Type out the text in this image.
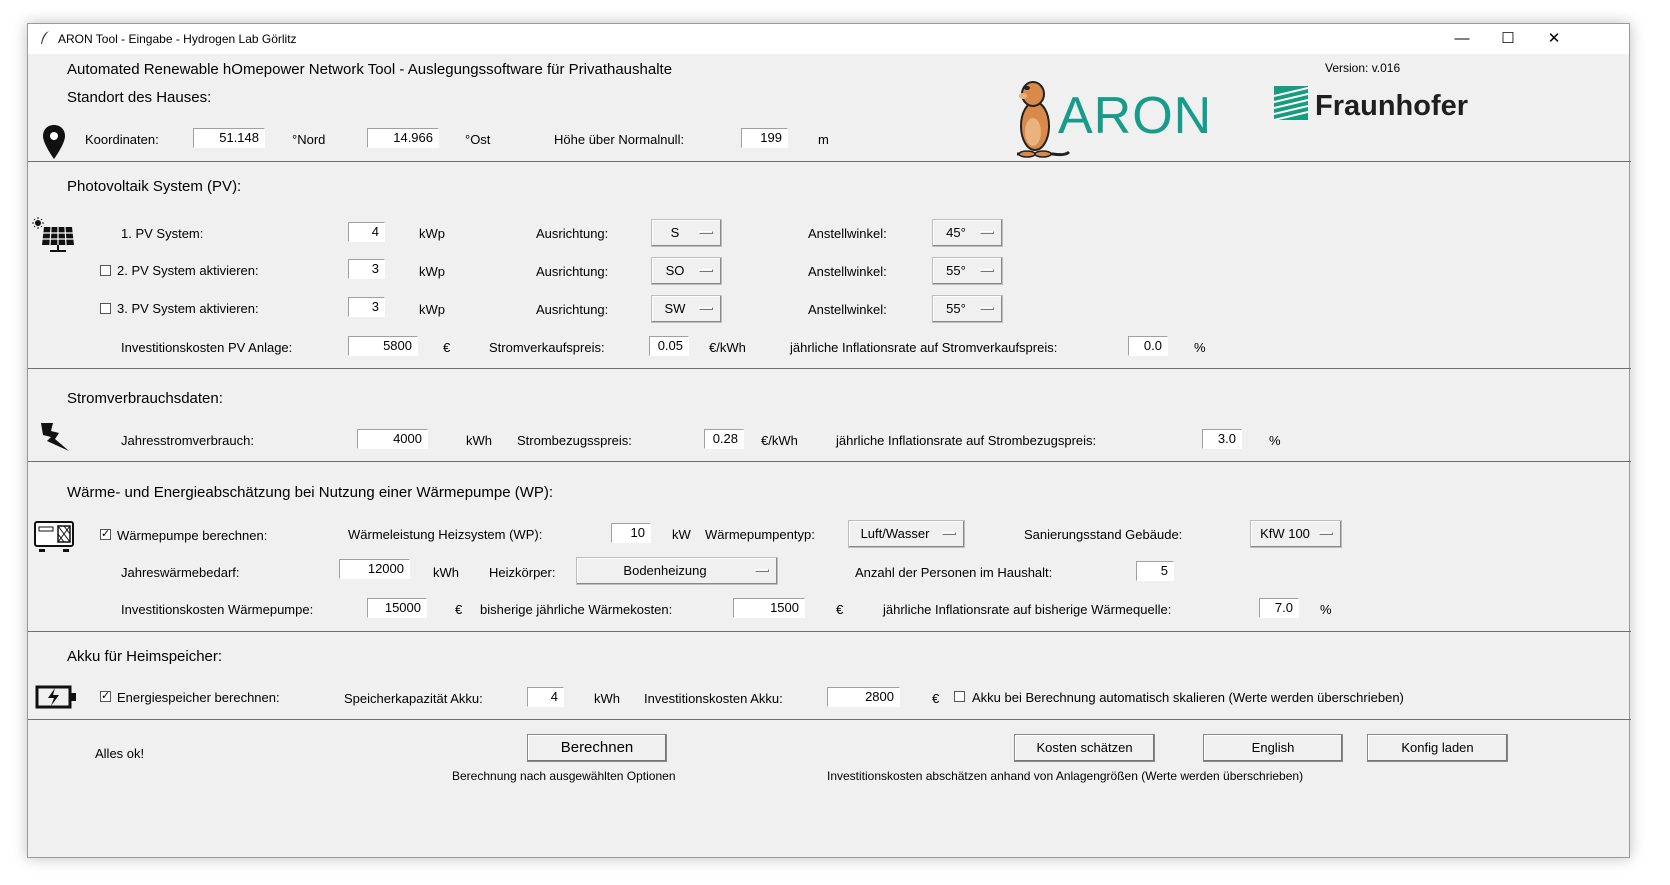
ARON Tool - Eingabe - Hydrogen Lab Görlitz	—	☐	✕
Automated Renewable hOmepower Network Tool - Auslegungssoftware für Privathaushalte	Version: v.016
ARON	Fraunhofer
Standort des Hauses:
Koordinaten:	51.148	°Nord	14.966	°Ost	Höhe über Normalnull:	199	m
Photovoltaik System (PV):
1. PV System:	4	kWp	Ausrichtung:	S	Anstellwinkel:	45°
2. PV System aktivieren:	3	kWp	Ausrichtung:	SO	Anstellwinkel:	55°
3. PV System aktivieren:	3	kWp	Ausrichtung:	SW	Anstellwinkel:	55°
Investitionskosten PV Anlage:	5800	€	Stromverkaufspreis:	0.05	€/kWh	jährliche Inflationsrate auf Stromverkaufspreis:	0.0	%
Stromverbrauchsdaten:
Jahresstromverbrauch:	4000	kWh Strombezugsspreis:	0.28	€/kWh	jährliche Inflationsrate auf Strombezugspreis:	3.0	%
Wärme- und Energieabschätzung bei Nutzung einer Wärmepumpe (WP):
✓ Wärmepumpe berechnen:	Wärmeleistung Heizsystem (WP):	10	kW Wärmepumpentyp:	Luft/Wasser	Sanierungsstand Gebäude:	KfW 100
Jahreswärmebedarf:	12000	kWh Heizkörper:	Bodenheizung	Anzahl der Personen im Haushalt:	5
Investitionskosten Wärmepumpe:	15000	€ bisherige jährliche Wärmekosten:	1500	€	jährliche Inflationsrate auf bisherige Wärmequelle:	7.0	%
Akku für Heimspeicher:
✓ Energiespeicher berechnen:	Speicherkapazität Akku:	4	kWh Investitionskosten Akku:	2800	€	Akku bei Berechnung automatisch skalieren (Werte werden überschrieben)
Alles ok!	Berechnen
Berechnung nach ausgewählten Optionen
Kosten schätzen
Investitionskosten abschätzen anhand von Anlagengrößen (Werte werden überschrieben)
English	Konfig laden
